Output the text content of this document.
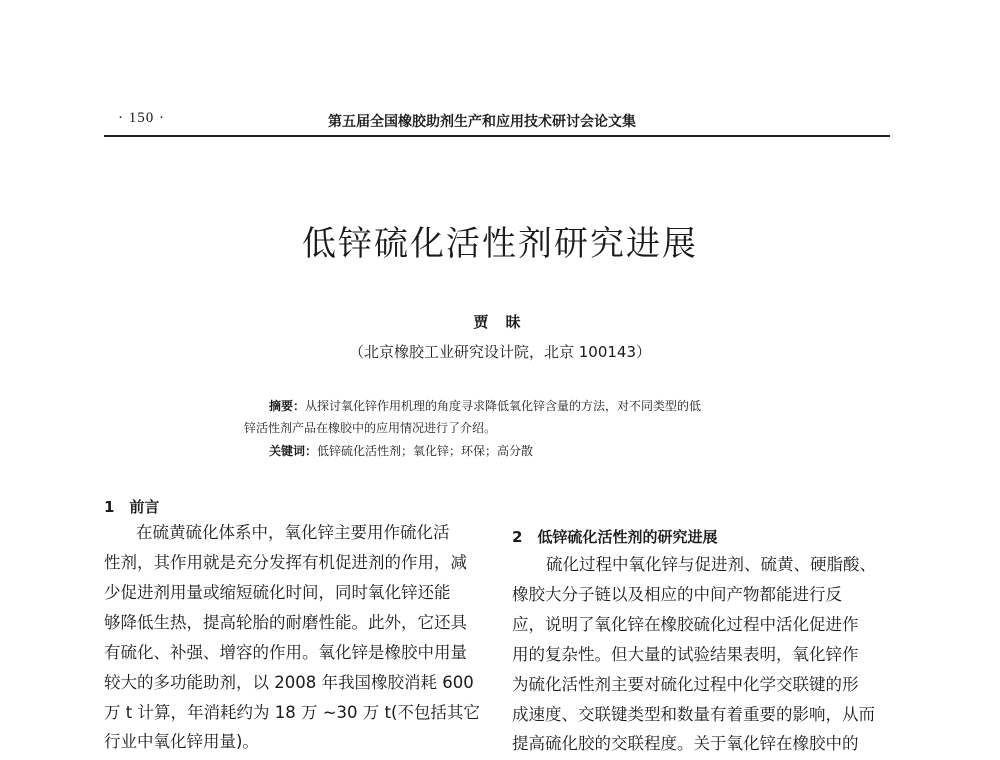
· 150 ·	第五届全国橡胶助剂生产和应用技术研讨会论文集
低锌硫化活性剂研究进展
贾 昧
（北京橡胶工业研究设计院，北京 100143）
摘要：从探讨氧化锌作用机理的角度寻求降低氧化锌含量的方法，对不同类型的低
锌活性剂产品在橡胶中的应用情况进行了介绍。
关键词：低锌硫化活性剂；氧化锌；环保；高分散
1　前言
在硫黄硫化体系中，氧化锌主要用作硫化活
性剂，其作用就是充分发挥有机促进剂的作用，减
少促进剂用量或缩短硫化时间，同时氧化锌还能
够降低生热，提高轮胎的耐磨性能。此外，它还具
有硫化、补强、增容的作用。氧化锌是橡胶中用量
较大的多功能助剂，以 2008 年我国橡胶消耗 600
万 t 计算，年消耗约为 18 万 ~30 万 t(不包括其它
行业中氧化锌用量)。
2　低锌硫化活性剂的研究进展
硫化过程中氧化锌与促进剂、硫黄、硬脂酸、
橡胶大分子链以及相应的中间产物都能进行反
应，说明了氧化锌在橡胶硫化过程中活化促进作
用的复杂性。但大量的试验结果表明，氧化锌作
为硫化活性剂主要对硫化过程中化学交联键的形
成速度、交联键类型和数量有着重要的影响，从而
提高硫化胶的交联程度。关于氧化锌在橡胶中的
